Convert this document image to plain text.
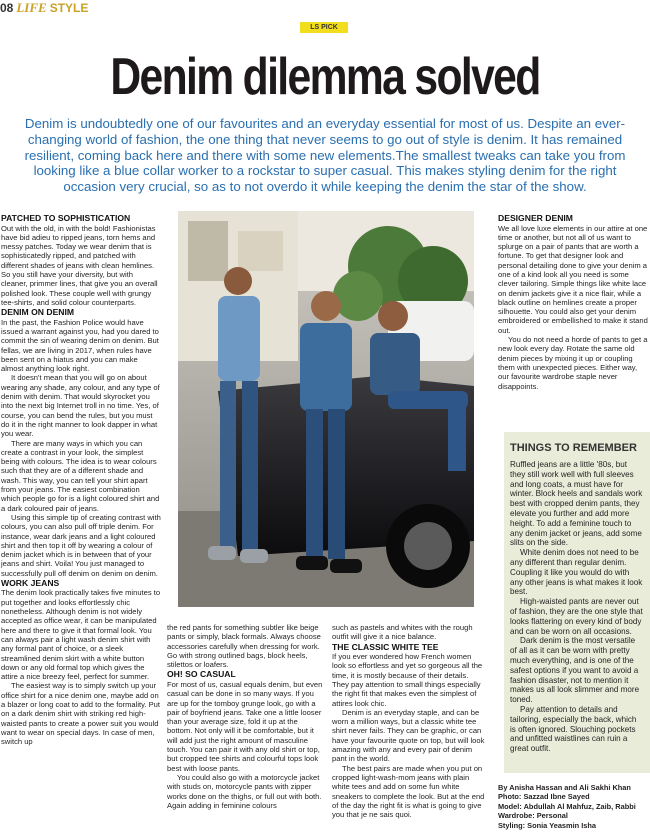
08 LIFE STYLE
LS PICK
Denim dilemma solved
Denim is undoubtedly one of our favourites and an everyday essential for most of us. Despite an ever-changing world of fashion, the one thing that never seems to go out of style is denim. It has remained resilient, coming back here and there with some new elements.The smallest tweaks can take you from looking like a blue collar worker to a rockstar to super casual. This makes styling denim for the right occasion very crucial, so as to not overdo it while keeping the denim the star of the show.
PATCHED TO SOPHISTICATION

Out with the old, in with the bold! Fashionistas have bid adieu to ripped jeans, torn hems and messy patches. Today we wear denim that is sophisticatedly ripped, and patched with different shades of jeans with clean hemlines. So you still have your diversity, but with cleaner, primmer lines, that give you an overall polished look. These couple well with grungy tee-shirts, and solid colour counterparts.

DENIM ON DENIM

In the past, the Fashion Police would have issued a warrant against you, had you dared to commit the sin of wearing denim on denim. But fellas, we are living in 2017, when rules have been sent on a hiatus and you can make almost anything look right.

It doesn't mean that you will go on about wearing any shade, any colour, and any type of denim with denim. That would skyrocket you into the next big Internet troll in no time. Yes, of course, you can bend the rules, but you must do it in the right manner to look dapper in what you wear.

There are many ways in which you can create a contrast in your look, the simplest being with colours. The idea is to wear colours such that they are of a different shade and wash. This way, you can tell your shirt apart from your jeans. The easiest combination which people go for is a light coloured shirt and a dark coloured pair of jeans.

Using this simple tip of creating contrast with colours, you can also pull off triple denim. For instance, wear dark jeans and a light coloured shirt and then top it off by wearing a colour of denim jacket which is in between that of your jeans and shirt. Voila! You just managed to successfully pull off denim on denim on denim.

WORK JEANS

The denim look practically takes five minutes to put together and looks effortlessly chic nonetheless. Although denim is not widely accepted as office wear, it can be manipulated here and there to give it that formal look. You can always pair a light wash denim shirt with any formal pant of choice, or a sleek streamlined denim skirt with a white button down or any old formal top which gives the attire a nice breezy feel, perfect for summer.

The easiest way is to simply switch up your office shirt for a nice denim one, maybe add on a blazer or long coat to add to the formality. Put on a dark denim shirt with striking red high-waisted pants to create a power suit you would want to wear on special days. In case of men, switch up

the red pants for something subtler like beige pants or simply, black formals. Always choose accessories carefully when dressing for work. Go with strong outlined bags, block heels, stilettos or loafers.

OH! SO CASUAL

For most of us, casual equals denim, but even casual can be done in so many ways. If you are up for the tomboy grunge look, go with a pair of boyfriend jeans. Take one a little looser than your average size, fold it up at the bottom. Not only will it be comfortable, but it will add just the right amount of masculine touch. You can pair it with any old shirt or top, but cropped tee shirts and colourful tops look best with loose pants.

You could also go with a motorcycle jacket with studs on, motorcycle pants with zipper works done on the thighs, or full out with both. Again adding in feminine colours

such as pastels and whites with the rough outfit will give it a nice balance.

THE CLASSIC WHITE TEE

If you ever wondered how French women look so effortless and yet so gorgeous all the time, it is mostly because of their details. They pay attention to small things especially the right fit that makes even the simplest of attires look chic.

Denim is an everyday staple, and can be worn a million ways, but a classic white tee shirt never fails. They can be graphic, or can have your favourite quote on top, but will look amazing with any and every pair of denim pant in the world.

The best pairs are made when you put on cropped light-wash-mom jeans with plain white tees and add on some fun white sneakers to complete the look. But at the end of the day the right fit is what is going to give you that je ne sais quoi.

DESIGNER DENIM

We all love luxe elements in our attire at one time or another, but not all of us want to splurge on a pair of pants that are worth a fortune. To get that designer look and personal detailing done to give your denim a one of a kind look all you need is some clever tailoring. Simple things like white lace on denim jackets give it a nice flair, while a black outline on hemlines create a proper silhouette. You could also get your denim embroidered or embellished to make it stand out.

You do not need a horde of pants to get a new look every day. Rotate the same old denim pieces by mixing it up or coupling them with unexpected pieces. Either way, our favourite wardrobe staple never disappoints.

THINGS TO REMEMBER

Ruffled jeans are a little '80s, but they still work well with full sleeves and long coats, a must have for winter. Block heels and sandals work best with cropped denim pants, they elevate you further and add more height. To add a feminine touch to any denim jacket or jeans, add some slits on the side.

White denim does not need to be any different than regular denim. Coupling it like you would do with any other jeans is what makes it look best.

High-waisted pants are never out of fashion, they are the one style that looks flattering on every kind of body and can be worn on all occasions.

Dark denim is the most versatile of all as it can be worn with pretty much everything, and is one of the safest options if you want to avoid a fashion disaster, not to mention it makes us all look slimmer and more toned.

Pay attention to details and tailoring, especially the back, which is often ignored. Slouching pockets and unfitted waistlines can ruin a great outfit.

By Anisha Hassan and Ali Sakhi Khan
Photo: Sazzad Ibne Sayed
Model: Abdullah Al Mahfuz, Zaib, Rabbi
Wardrobe: Personal
Styling: Sonia Yeasmin Isha
